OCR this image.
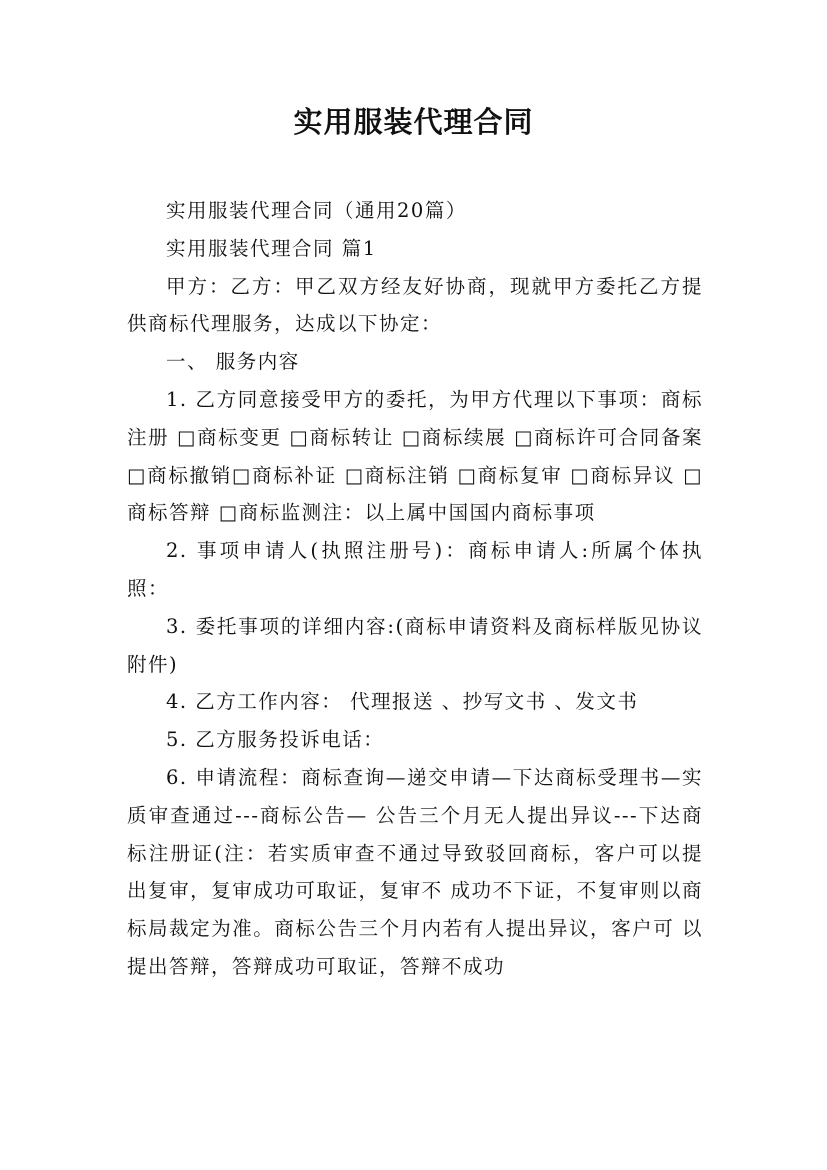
实用服装代理合同

实用服装代理合同（通用20篇）

实用服装代理合同 篇1

甲方：乙方：甲乙双方经友好协商，现就甲方委托乙方提供商标代理服务，达成以下协定：

一、 服务内容

1. 乙方同意接受甲方的委托，为甲方代理以下事项：商标注册 □商标变更 □商标转让 □商标续展 □商标许可合同备案□商标撤销□商标补证 □商标注销 □商标复审 □商标异议 □商标答辩 □商标监测注：以上属中国国内商标事项

2. 事项申请人(执照注册号)：商标申请人:所属个体执照：

3. 委托事项的详细内容:(商标申请资料及商标样版见协议附件)

4. 乙方工作内容： 代理报送 、抄写文书 、发文书

5. 乙方服务投诉电话：

6. 申请流程：商标查询—递交申请—下达商标受理书—实质审查通过---商标公告— 公告三个月无人提出异议---下达商标注册证(注：若实质审查不通过导致驳回商标，客户可以提出复审，复审成功可取证，复审不 成功不下证，不复审则以商标局裁定为准。商标公告三个月内若有人提出异议，客户可 以提出答辩，答辩成功可取证，答辩不成功
